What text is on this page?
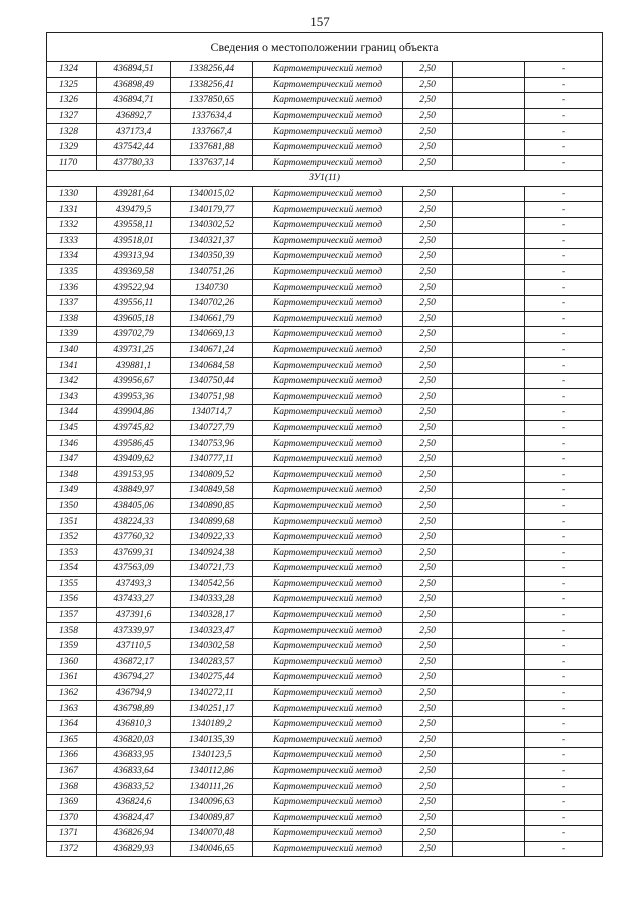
157
Сведения о местоположении границ объекта						
1324	436894,51	1338256,44	Картометрический метод	2,50		-
1325	436898,49	1338256,41	Картометрический метод	2,50		-
1326	436894,71	1337850,65	Картометрический метод	2,50		-
1327	436892,7	1337634,4	Картометрический метод	2,50		-
1328	437173,4	1337667,4	Картометрический метод	2,50		-
1329	437542,44	1337681,88	Картометрический метод	2,50		-
1170	437780,33	1337637,14	Картометрический метод	2,50		-
ЗУ1(11)						
1330	439281,64	1340015,02	Картометрический метод	2,50		-
1331	439479,5	1340179,77	Картометрический метод	2,50		-
1332	439558,11	1340302,52	Картометрический метод	2,50		-
1333	439518,01	1340321,37	Картометрический метод	2,50		-
1334	439313,94	1340350,39	Картометрический метод	2,50		-
1335	439369,58	1340751,26	Картометрический метод	2,50		-
1336	439522,94	1340730	Картометрический метод	2,50		-
1337	439556,11	1340702,26	Картометрический метод	2,50		-
1338	439605,18	1340661,79	Картометрический метод	2,50		-
1339	439702,79	1340669,13	Картометрический метод	2,50		-
1340	439731,25	1340671,24	Картометрический метод	2,50		-
1341	439881,1	1340684,58	Картометрический метод	2,50		-
1342	439956,67	1340750,44	Картометрический метод	2,50		-
1343	439953,36	1340751,98	Картометрический метод	2,50		-
1344	439904,86	1340714,7	Картометрический метод	2,50		-
1345	439745,82	1340727,79	Картометрический метод	2,50		-
1346	439586,45	1340753,96	Картометрический метод	2,50		-
1347	439409,62	1340777,11	Картометрический метод	2,50		-
1348	439153,95	1340809,52	Картометрический метод	2,50		-
1349	438849,97	1340849,58	Картометрический метод	2,50		-
1350	438405,06	1340890,85	Картометрический метод	2,50		-
1351	438224,33	1340899,68	Картометрический метод	2,50		-
1352	437760,32	1340922,33	Картометрический метод	2,50		-
1353	437699,31	1340924,38	Картометрический метод	2,50		-
1354	437563,09	1340721,73	Картометрический метод	2,50		-
1355	437493,3	1340542,56	Картометрический метод	2,50		-
1356	437433,27	1340333,28	Картометрический метод	2,50		-
1357	437391,6	1340328,17	Картометрический метод	2,50		-
1358	437339,97	1340323,47	Картометрический метод	2,50		-
1359	437110,5	1340302,58	Картометрический метод	2,50		-
1360	436872,17	1340283,57	Картометрический метод	2,50		-
1361	436794,27	1340275,44	Картометрический метод	2,50		-
1362	436794,9	1340272,11	Картометрический метод	2,50		-
1363	436798,89	1340251,17	Картометрический метод	2,50		-
1364	436810,3	1340189,2	Картометрический метод	2,50		-
1365	436820,03	1340135,39	Картометрический метод	2,50		-
1366	436833,95	1340123,5	Картометрический метод	2,50		-
1367	436833,64	1340112,86	Картометрический метод	2,50		-
1368	436833,52	1340111,26	Картометрический метод	2,50		-
1369	436824,6	1340096,63	Картометрический метод	2,50		-
1370	436824,47	1340089,87	Картометрический метод	2,50		-
1371	436826,94	1340070,48	Картометрический метод	2,50		-
1372	436829,93	1340046,65	Картометрический метод	2,50		-
